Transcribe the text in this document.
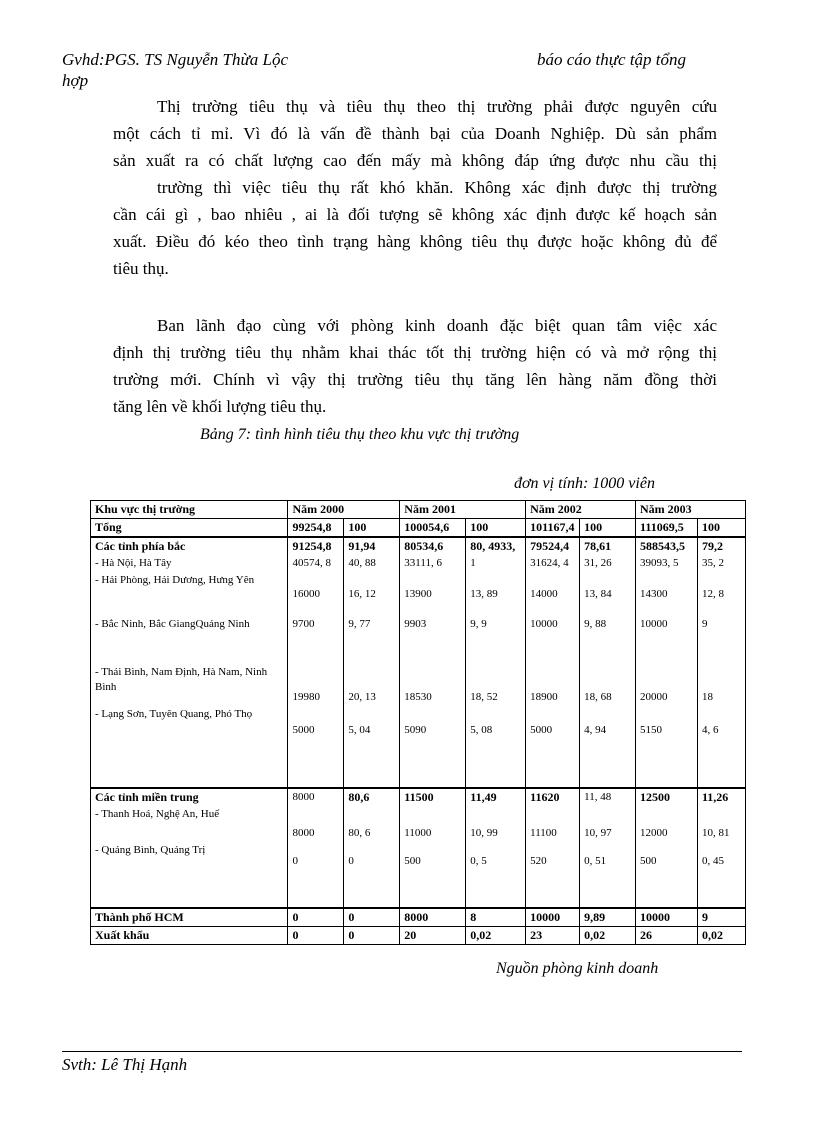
Gvhd:PGS. TS Nguyễn Thừa Lộc	báo cáo thực tập tổng
hợp
Thị trường tiêu thụ và tiêu thụ theo thị trường phải được nguyên cứu
một cách tỉ mỉ. Vì đó là vấn đề thành bại của Doanh Nghiệp. Dù sản phẩm
sản xuất ra có chất lượng cao đến mấy mà không đáp ứng được nhu cầu thị
trường thì việc tiêu thụ rất khó khăn. Không xác định được thị trường
cần cái gì , bao nhiêu , ai là đối tượng sẽ không xác định được kế hoạch sản
xuất. Điều đó kéo theo tình trạng hàng không tiêu thụ được hoặc không đủ để
tiêu thụ.
Ban lãnh đạo cùng với phòng kinh doanh đặc biệt quan tâm việc xác
định thị trường tiêu thụ nhằm khai thác tốt thị trường hiện có và mở rộng thị
trường mới. Chính vì vậy thị trường tiêu thụ tăng lên hàng năm đồng thời
tăng lên về khối lượng tiêu thụ.
Bảng 7: tình hình tiêu thụ theo khu vực thị trường
đơn vị tính: 1000 viên
Khu vực thị trường	Năm 2000		Năm 2001		Năm 2002		Năm 2003	
Tổng	99254,8	100	100054,6	100	101167,4	100	111069,5	100
Các tỉnh phía bắc	91254,8	91,94	80534,6	80, 4933,	79524,4	78,61	588543,5	79,2
- Hà Nội, Hà Tây	40574, 8	40, 88	33111, 6	1	31624, 4	31, 26	39093, 5	35, 2
- Hải Phòng, Hải Dương, Hưng Yên	16000	16, 12	13900	13, 89	14000	13, 84	14300	12, 8
- Bắc Ninh, Bắc GiangQuảng Ninh	9700	9, 77	9903	9, 9	10000	9, 88	10000	9
- Thái Bình, Nam Định, Hà Nam, Ninh Bình	19980	20, 13	18530	18, 52	18900	18, 68	20000	18
- Lạng Sơn, Tuyên Quang, Phó Thọ	5000	5, 04	5090	5, 08	5000	4, 94	5150	4, 6
Các tỉnh miền trung	8000	80,6	11500	11,49	11620	11, 48	12500	11,26
- Thanh Hoá, Nghệ An, Huế	8000	80, 6	11000	10, 99	11100	10, 97	12000	10, 81
- Quảng Bình, Quảng Trị	0	0	500	0, 5	520	0, 51	500	0, 45
Thành phố HCM	0	0	8000	8	10000	9,89	10000	9
Xuất khẩu	0	0	20	0,02	23	0,02	26	0,02
Nguồn phòng kinh doanh
Svth: Lê Thị Hạnh
